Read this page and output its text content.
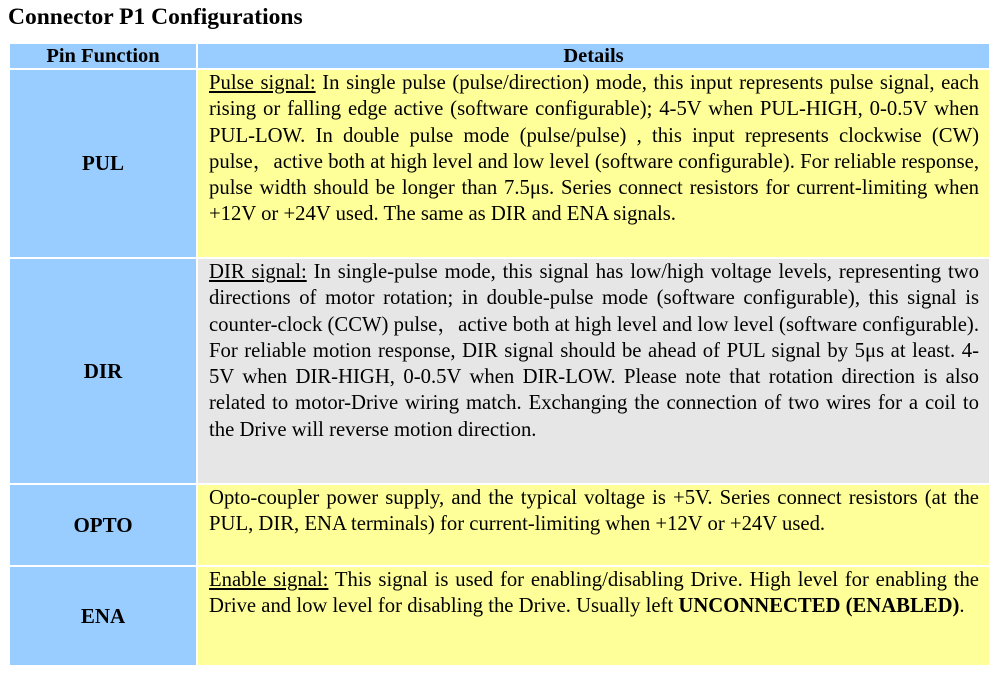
Connector P1 Configurations
Pin Function	Details
PUL	Pulse signal: In single pulse (pulse/direction) mode, this input represents pulse signal, each rising or falling edge active (software configurable); 4-5V when PUL-HIGH, 0-0.5V when PUL-LOW. In double pulse mode (pulse/pulse) , this input represents clockwise (CW) pulse，active both at high level and low level (software configurable). For reliable response, pulse width should be longer than 7.5μs. Series connect resistors for current-limiting when +12V or +24V used. The same as DIR and ENA signals.

DIR	DIR signal: In single-pulse mode, this signal has low/high voltage levels, representing two directions of motor rotation; in double-pulse mode (software configurable), this signal is counter-clock (CCW) pulse，active both at high level and low level (software configurable). For reliable motion response, DIR signal should be ahead of PUL signal by 5μs at least. 4-5V when DIR-HIGH, 0-0.5V when DIR-LOW. Please note that rotation direction is also related to motor-Drive wiring match. Exchanging the connection of two wires for a coil to the Drive will reverse motion direction.

OPTO	Opto-coupler power supply, and the typical voltage is +5V. Series connect resistors (at the PUL, DIR, ENA terminals) for current-limiting when +12V or +24V used.

ENA	Enable signal: This signal is used for enabling/disabling Drive. High level for enabling the Drive and low level for disabling the Drive. Usually left UNCONNECTED (ENABLED).
